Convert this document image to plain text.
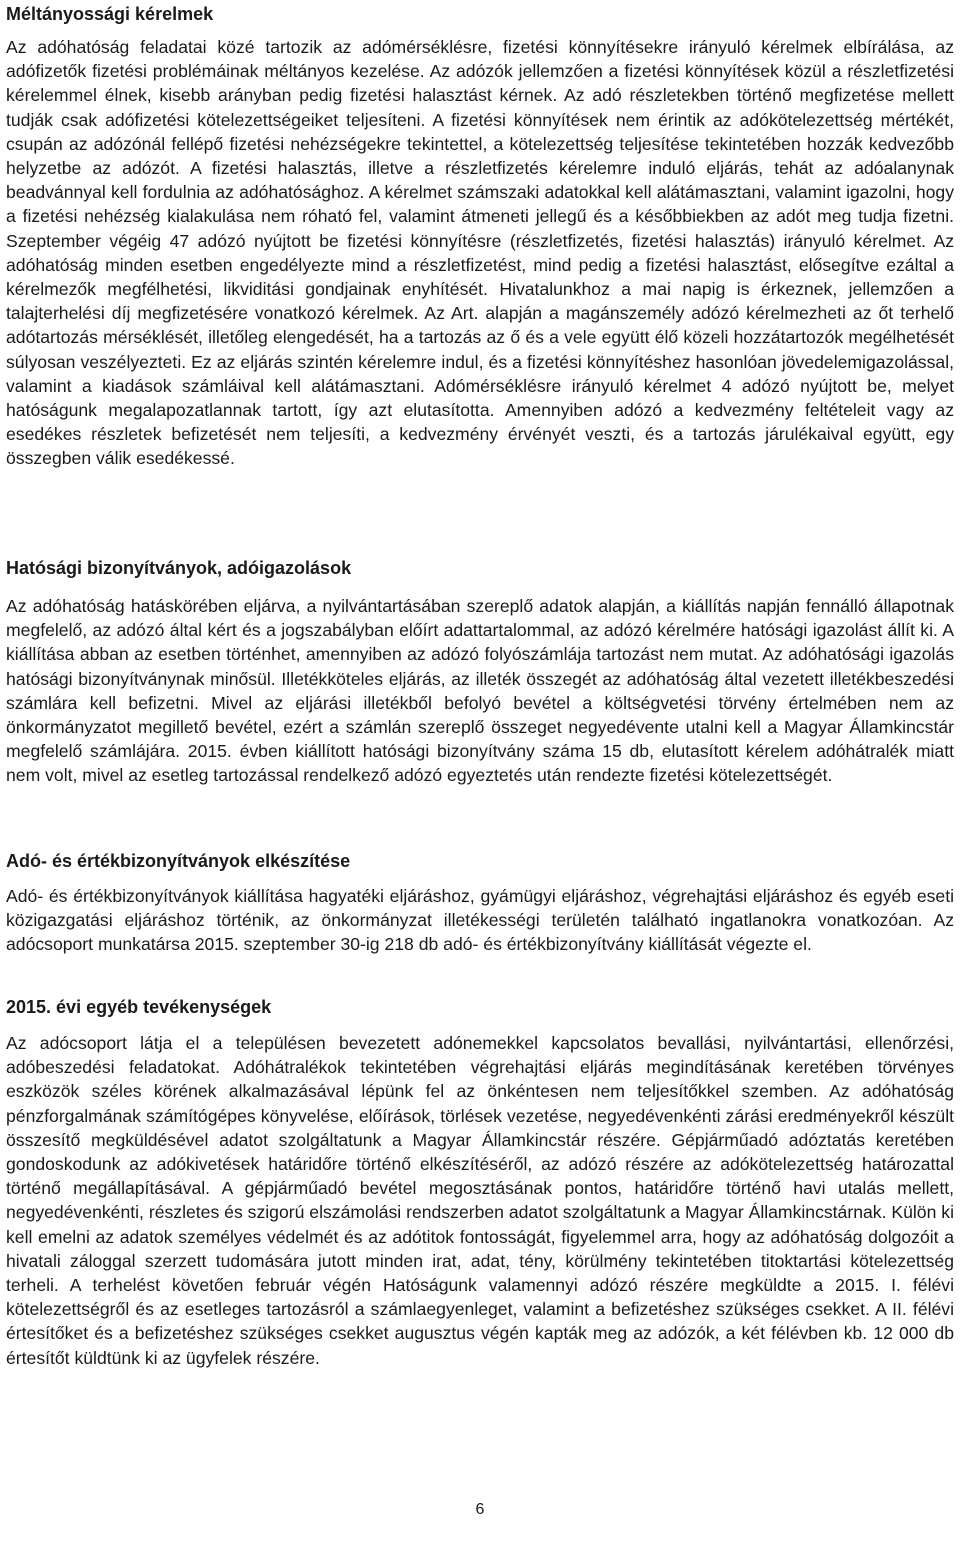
Méltányossági kérelmek

Az adóhatóság feladatai közé tartozik az adómérséklésre, fizetési könnyítésekre irányuló kérelmek elbírálása, az adófizetők fizetési problémáinak méltányos kezelése. Az adózók jellemzően a fizetési könnyítések közül a részletfizetési kérelemmel élnek, kisebb arányban pedig fizetési halasztást kérnek. Az adó részletekben történő megfizetése mellett tudják csak adófizetési kötelezettségeiket teljesíteni. A fizetési könnyítések nem érintik az adókötelezettség mértékét, csupán az adózónál fellépő fizetési nehézségekre tekintettel, a kötelezettség teljesítése tekintetében hozzák kedvezőbb helyzetbe az adózót. A fizetési halasztás, illetve a részletfizetés kérelemre induló eljárás, tehát az adóalanynak beadvánnyal kell fordulnia az adóhatósághoz. A kérelmet számszaki adatokkal kell alátámasztani, valamint igazolni, hogy a fizetési nehézség kialakulása nem róható fel, valamint átmeneti jellegű és a későbbiekben az adót meg tudja fizetni. Szeptember végéig 47 adózó nyújtott be fizetési könnyítésre (részletfizetés, fizetési halasztás) irányuló kérelmet. Az adóhatóság minden esetben engedélyezte mind a részletfizetést, mind pedig a fizetési halasztást, elősegítve ezáltal a kérelmezők megfélhetési, likviditási gondjainak enyhítését. Hivatalunkhoz a mai napig is érkeznek, jellemzően a talajterhelési díj megfizetésére vonatkozó kérelmek. Az Art. alapján a magánszemély adózó kérelmezheti az őt terhelő adótartozás mérséklését, illetőleg elengedését, ha a tartozás az ő és a vele együtt élő közeli hozzátartozók megélhetését súlyosan veszélyezteti. Ez az eljárás szintén kérelemre indul, és a fizetési könnyítéshez hasonlóan jövedelemigazolással, valamint a kiadások számláival kell alátámasztani. Adómérséklésre irányuló kérelmet 4 adózó nyújtott be, melyet hatóságunk megalapozatlannak tartott, így azt elutasította. Amennyiben adózó a kedvezmény feltételeit vagy az esedékes részletek befizetését nem teljesíti, a kedvezmény érvényét veszti, és a tartozás járulékaival együtt, egy összegben válik esedékessé.

Hatósági bizonyítványok, adóigazolások

Az adóhatóság hatáskörében eljárva, a nyilvántartásában szereplő adatok alapján, a kiállítás napján fennálló állapotnak megfelelő, az adózó által kért és a jogszabályban előírt adattartalommal, az adózó kérelmére hatósági igazolást állít ki. A kiállítása abban az esetben történhet, amennyiben az adózó folyószámlája tartozást nem mutat. Az adóhatósági igazolás hatósági bizonyítványnak minősül. Illetékköteles eljárás, az illeték összegét az adóhatóság által vezetett illetékbeszedési számlára kell befizetni. Mivel az eljárási illetékből befolyó bevétel a költségvetési törvény értelmében nem az önkormányzatot megillető bevétel, ezért a számlán szereplő összeget negyedévente utalni kell a Magyar Államkincstár megfelelő számlájára. 2015. évben kiállított hatósági bizonyítvány száma 15 db, elutasított kérelem adóhátralék miatt nem volt, mivel az esetleg tartozással rendelkező adózó egyeztetés után rendezte fizetési kötelezettségét.

Adó- és értékbizonyítványok elkészítése

Adó- és értékbizonyítványok kiállítása hagyatéki eljáráshoz, gyámügyi eljáráshoz, végrehajtási eljáráshoz és egyéb eseti közigazgatási eljáráshoz történik, az önkormányzat illetékességi területén található ingatlanokra vonatkozóan. Az adócsoport munkatársa 2015. szeptember 30-ig 218 db adó- és értékbizonyítvány kiállítását végezte el.

2015. évi egyéb tevékenységek

Az adócsoport látja el a településen bevezetett adónemekkel kapcsolatos bevallási, nyilvántartási, ellenőrzési, adóbeszedési feladatokat. Adóhátralékok tekintetében végrehajtási eljárás megindításának keretében törvényes eszközök széles körének alkalmazásával lépünk fel az önkéntesen nem teljesítőkkel szemben. Az adóhatóság pénzforgalmának számítógépes könyvelése, előírások, törlések vezetése, negyedévenkénti zárási eredményekről készült összesítő megküldésével adatot szolgáltatunk a Magyar Államkincstár részére. Gépjárműadó adóztatás keretében gondoskodunk az adókivetések határidőre történő elkészítéséről, az adózó részére az adókötelezettség határozattal történő megállapításával. A gépjárműadó bevétel megosztásának pontos, határidőre történő havi utalás mellett, negyedévenkénti, részletes és szigorú elszámolási rendszerben adatot szolgáltatunk a Magyar Államkincstárnak. Külön ki kell emelni az adatok személyes védelmét és az adótitok fontosságát, figyelemmel arra, hogy az adóhatóság dolgozóit a hivatali záloggal szerzett tudomására jutott minden irat, adat, tény, körülmény tekintetében titoktartási kötelezettség terheli. A terhelést követően február végén Hatóságunk valamennyi adózó részére megküldte a 2015. I. félévi kötelezettségről és az esetleges tartozásról a számlaegyenleget, valamint a befizetéshez szükséges csekket. A II. félévi értesítőket és a befizetéshez szükséges csekket augusztus végén kapták meg az adózók, a két félévben kb. 12 000 db értesítőt küldtünk ki az ügyfelek részére.

6
